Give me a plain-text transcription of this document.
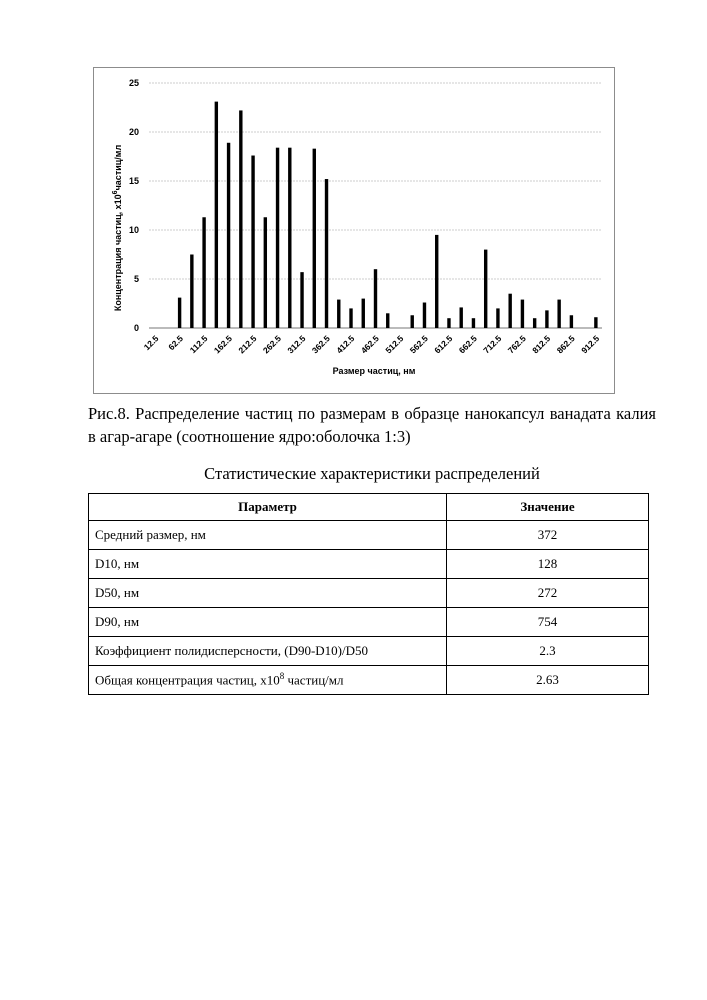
0
5
10
15
20
25
12.5 62.5 112.5 162.5 212.5 262.5 312.5 362.5 412.5 462.5 512.5 562.5 612.5 662.5 712.5 762.5 812.5 862.5 912.5
Концентрация частиц, х106частиц/мл
Размер частиц, нм
Рис.8. Распределение частиц по размерам в образце нанокапсул ванадата калия в агар-агаре (соотношение ядро:оболочка 1:3)
Статистические характеристики распределений
Параметр	Значение
Средний размер, нм	372
D10, нм	128
D50, нм	272
D90, нм	754
Коэффициент полидисперсности, (D90-D10)/D50	2.3
Общая концентрация частиц, х108 частиц/мл	2.63
